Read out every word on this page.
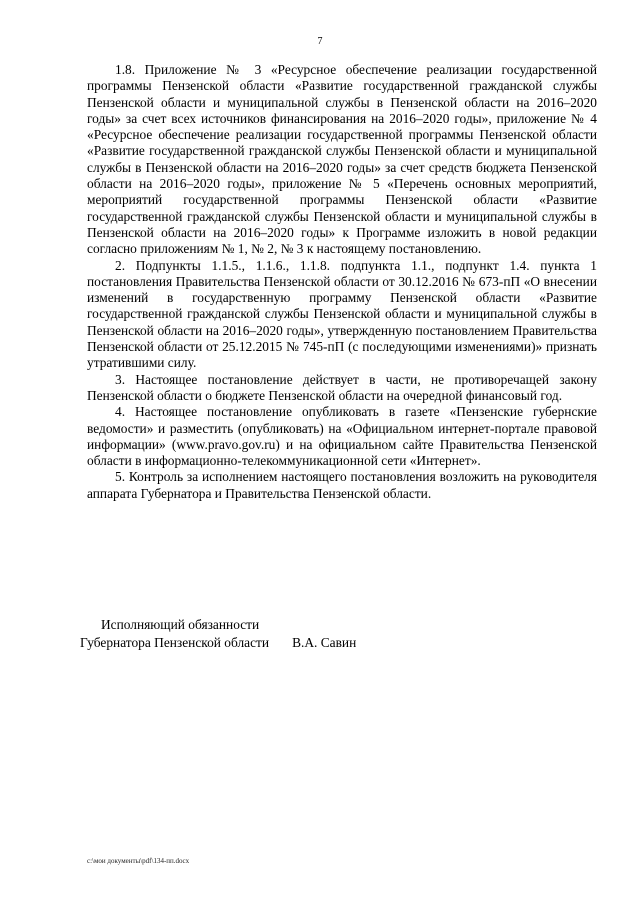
7

1.8. Приложение № 3 «Ресурсное обеспечение реализации государственной программы Пензенской области «Развитие государственной гражданской службы Пензенской области и муниципальной службы в Пензенской области на 2016–2020 годы» за счет всех источников финансирования на 2016–2020 годы», приложение № 4 «Ресурсное обеспечение реализации государственной программы Пензенской области «Развитие государственной гражданской службы Пензенской области и муниципальной службы в Пензенской области на 2016–2020 годы» за счет средств бюджета Пензенской области на 2016–2020 годы», приложение № 5 «Перечень основных мероприятий, мероприятий государственной программы Пензенской области «Развитие государственной гражданской службы Пензенской области и муниципальной службы в Пензенской области на 2016–2020 годы» к Программе изложить в новой редакции согласно приложениям № 1, № 2, № 3 к настоящему постановлению.

2. Подпункты 1.1.5., 1.1.6., 1.1.8. подпункта 1.1., подпункт 1.4. пункта 1 постановления Правительства Пензенской области от 30.12.2016 № 673-пП «О внесении изменений в государственную программу Пензенской области «Развитие государственной гражданской службы Пензенской области и муниципальной службы в Пензенской области на 2016–2020 годы», утвержденную постановлением Правительства Пензенской области от 25.12.2015 № 745-пП (с последующими изменениями)» признать утратившими силу.

3. Настоящее постановление действует в части, не противоречащей закону Пензенской области о бюджете Пензенской области на очередной финансовый год.

4. Настоящее постановление опубликовать в газете «Пензенские губернские ведомости» и разместить (опубликовать) на «Официальном интернет-портале правовой информации» (www.pravo.gov.ru) и на официальном сайте Правительства Пензенской области в информационно-телекоммуникационной сети «Интернет».

5. Контроль за исполнением настоящего постановления возложить на руководителя аппарата Губернатора и Правительства Пензенской области.

Исполняющий обязанности
Губернатора Пензенской области В.А. Савин
c:\мои документы\pdf\134-пп.docx
